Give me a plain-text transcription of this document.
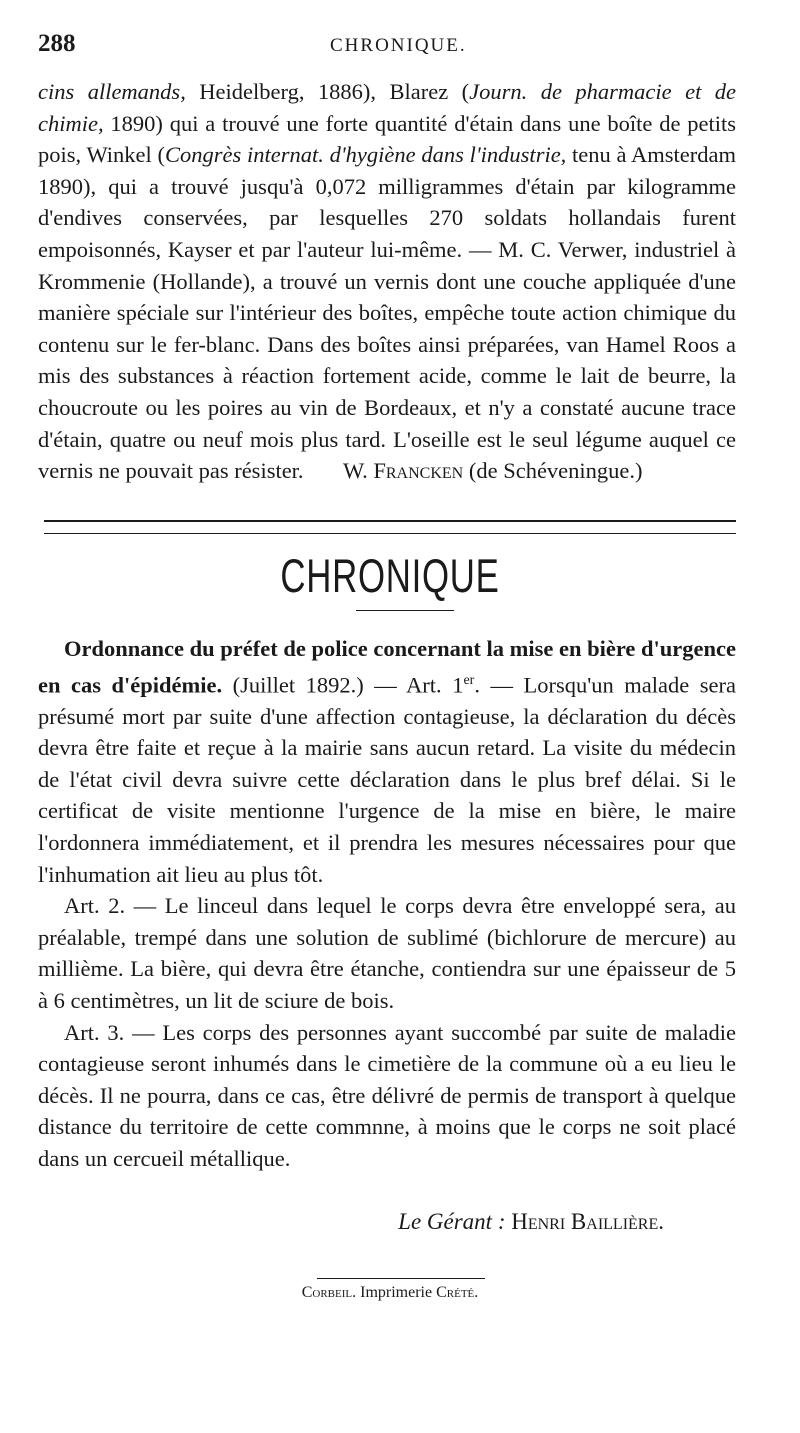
288	CHRONIQUE.
cins allemands, Heidelberg, 1886), Blarez (Journ. de pharmacie et de chimie, 1890) qui a trouvé une forte quantité d'étain dans une boîte de petits pois, Winkel (Congrès internat. d'hygiène dans l'industrie, tenu à Amsterdam 1890), qui a trouvé jusqu'à 0,072 milligrammes d'étain par kilogramme d'endives conservées, par lesquelles 270 soldats hollandais furent empoisonnés, Kayser et par l'auteur lui-même. — M. C. Verwer, industriel à Krommenie (Hollande), a trouvé un vernis dont une couche appliquée d'une manière spéciale sur l'intérieur des boîtes, empêche toute action chimique du contenu sur le fer-blanc. Dans des boîtes ainsi préparées, van Hamel Roos a mis des substances à réaction fortement acide, comme le lait de beurre, la choucroute ou les poires au vin de Bordeaux, et n'y a constaté aucune trace d'étain, quatre ou neuf mois plus tard. L'oseille est le seul légume auquel ce vernis ne pouvait pas résister. W. Francken (de Schéveningue.)
CHRONIQUE
Ordonnance du préfet de police concernant la mise en bière d'urgence en cas d'épidémie. (Juillet 1892.) — Art. 1er. — Lorsqu'un malade sera présumé mort par suite d'une affection contagieuse, la déclaration du décès devra être faite et reçue à la mairie sans aucun retard. La visite du médecin de l'état civil devra suivre cette déclaration dans le plus bref délai. Si le certificat de visite mentionne l'urgence de la mise en bière, le maire l'ordonnera immédiatement, et il prendra les mesures nécessaires pour que l'inhumation ait lieu au plus tôt.
Art. 2. — Le linceul dans lequel le corps devra être enveloppé sera, au préalable, trempé dans une solution de sublimé (bichlorure de mercure) au millième. La bière, qui devra être étanche, contiendra sur une épaisseur de 5 à 6 centimètres, un lit de sciure de bois.
Art. 3. — Les corps des personnes ayant succombé par suite de maladie contagieuse seront inhumés dans le cimetière de la commune où a eu lieu le décès. Il ne pourra, dans ce cas, être délivré de permis de transport à quelque distance du territoire de cette commnne, à moins que le corps ne soit placé dans un cercueil métallique.
Le Gérant : Henri Baillière.
Corbeil. Imprimerie Crété.
